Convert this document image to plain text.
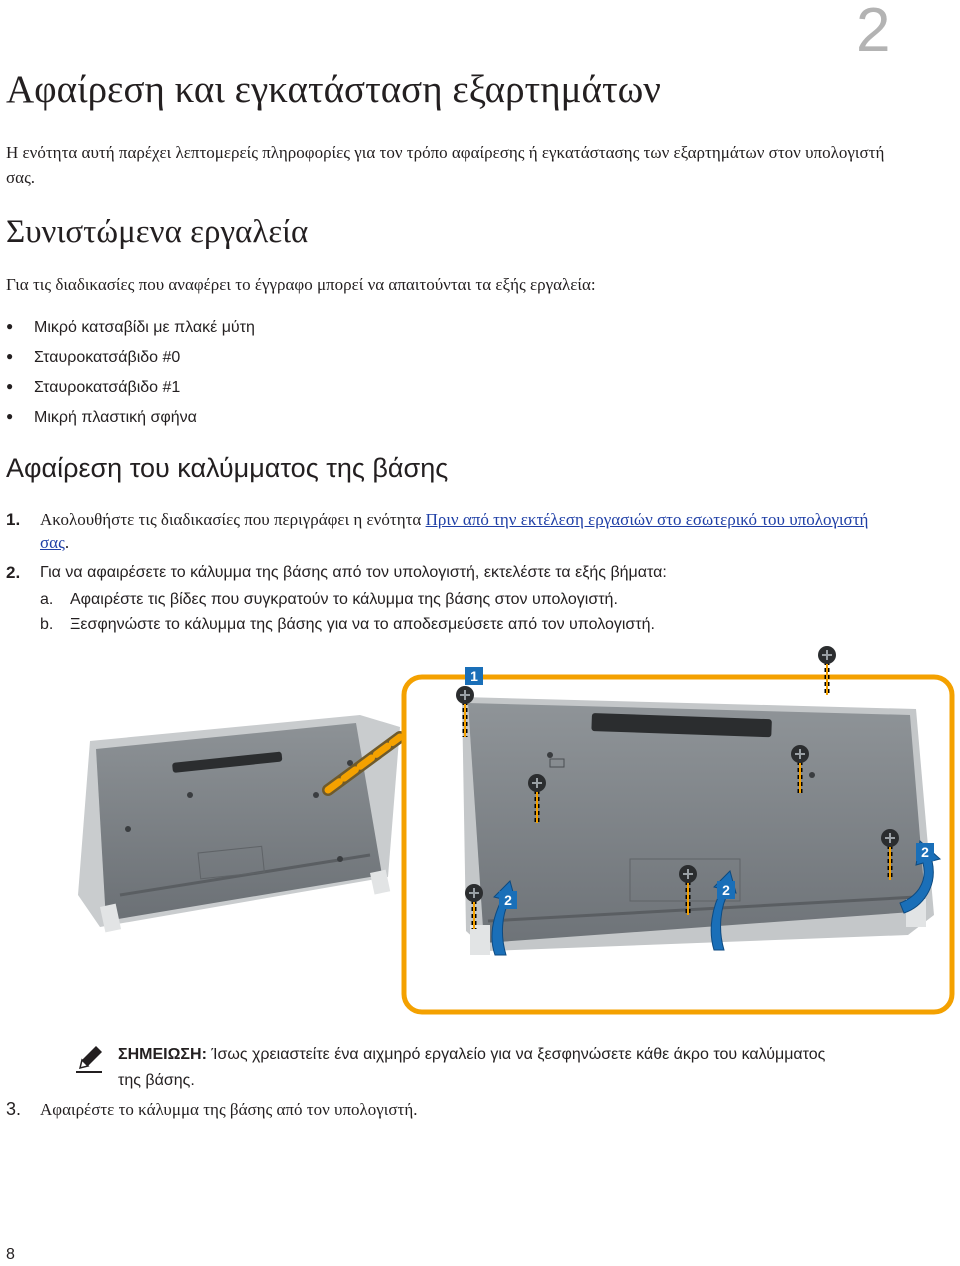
2
Αφαίρεση και εγκατάσταση εξαρτημάτων
Η ενότητα αυτή παρέχει λεπτομερείς πληροφορίες για τον τρόπο αφαίρεσης ή εγκατάστασης των εξαρτημάτων στον υπολογιστή σας.
Συνιστώμενα εργαλεία
Για τις διαδικασίες που αναφέρει το έγγραφο μπορεί να απαιτούνται τα εξής εργαλεία:
● Μικρό κατσαβίδι με πλακέ μύτη
● Σταυροκατσάβιδο #0
● Σταυροκατσάβιδο #1
● Μικρή πλαστική σφήνα
Αφαίρεση του καλύμματος της βάσης
1. Ακολουθήστε τις διαδικασίες που περιγράφει η ενότητα Πριν από την εκτέλεση εργασιών στο εσωτερικό του υπολογιστή σας.
2. Για να αφαιρέσετε το κάλυμμα της βάσης από τον υπολογιστή, εκτελέστε τα εξής βήματα:
a. Αφαιρέστε τις βίδες που συγκρατούν το κάλυμμα της βάσης στον υπολογιστή.
b. Ξεσφηνώστε το κάλυμμα της βάσης για να το αποδεσμεύσετε από τον υπολογιστή.
1
2
2
2
ΣΗΜΕΙΩΣΗ: Ίσως χρειαστείτε ένα αιχμηρό εργαλείο για να ξεσφηνώσετε κάθε άκρο του καλύμματος της βάσης.
3. Αφαιρέστε το κάλυμμα της βάσης από τον υπολογιστή.
8
